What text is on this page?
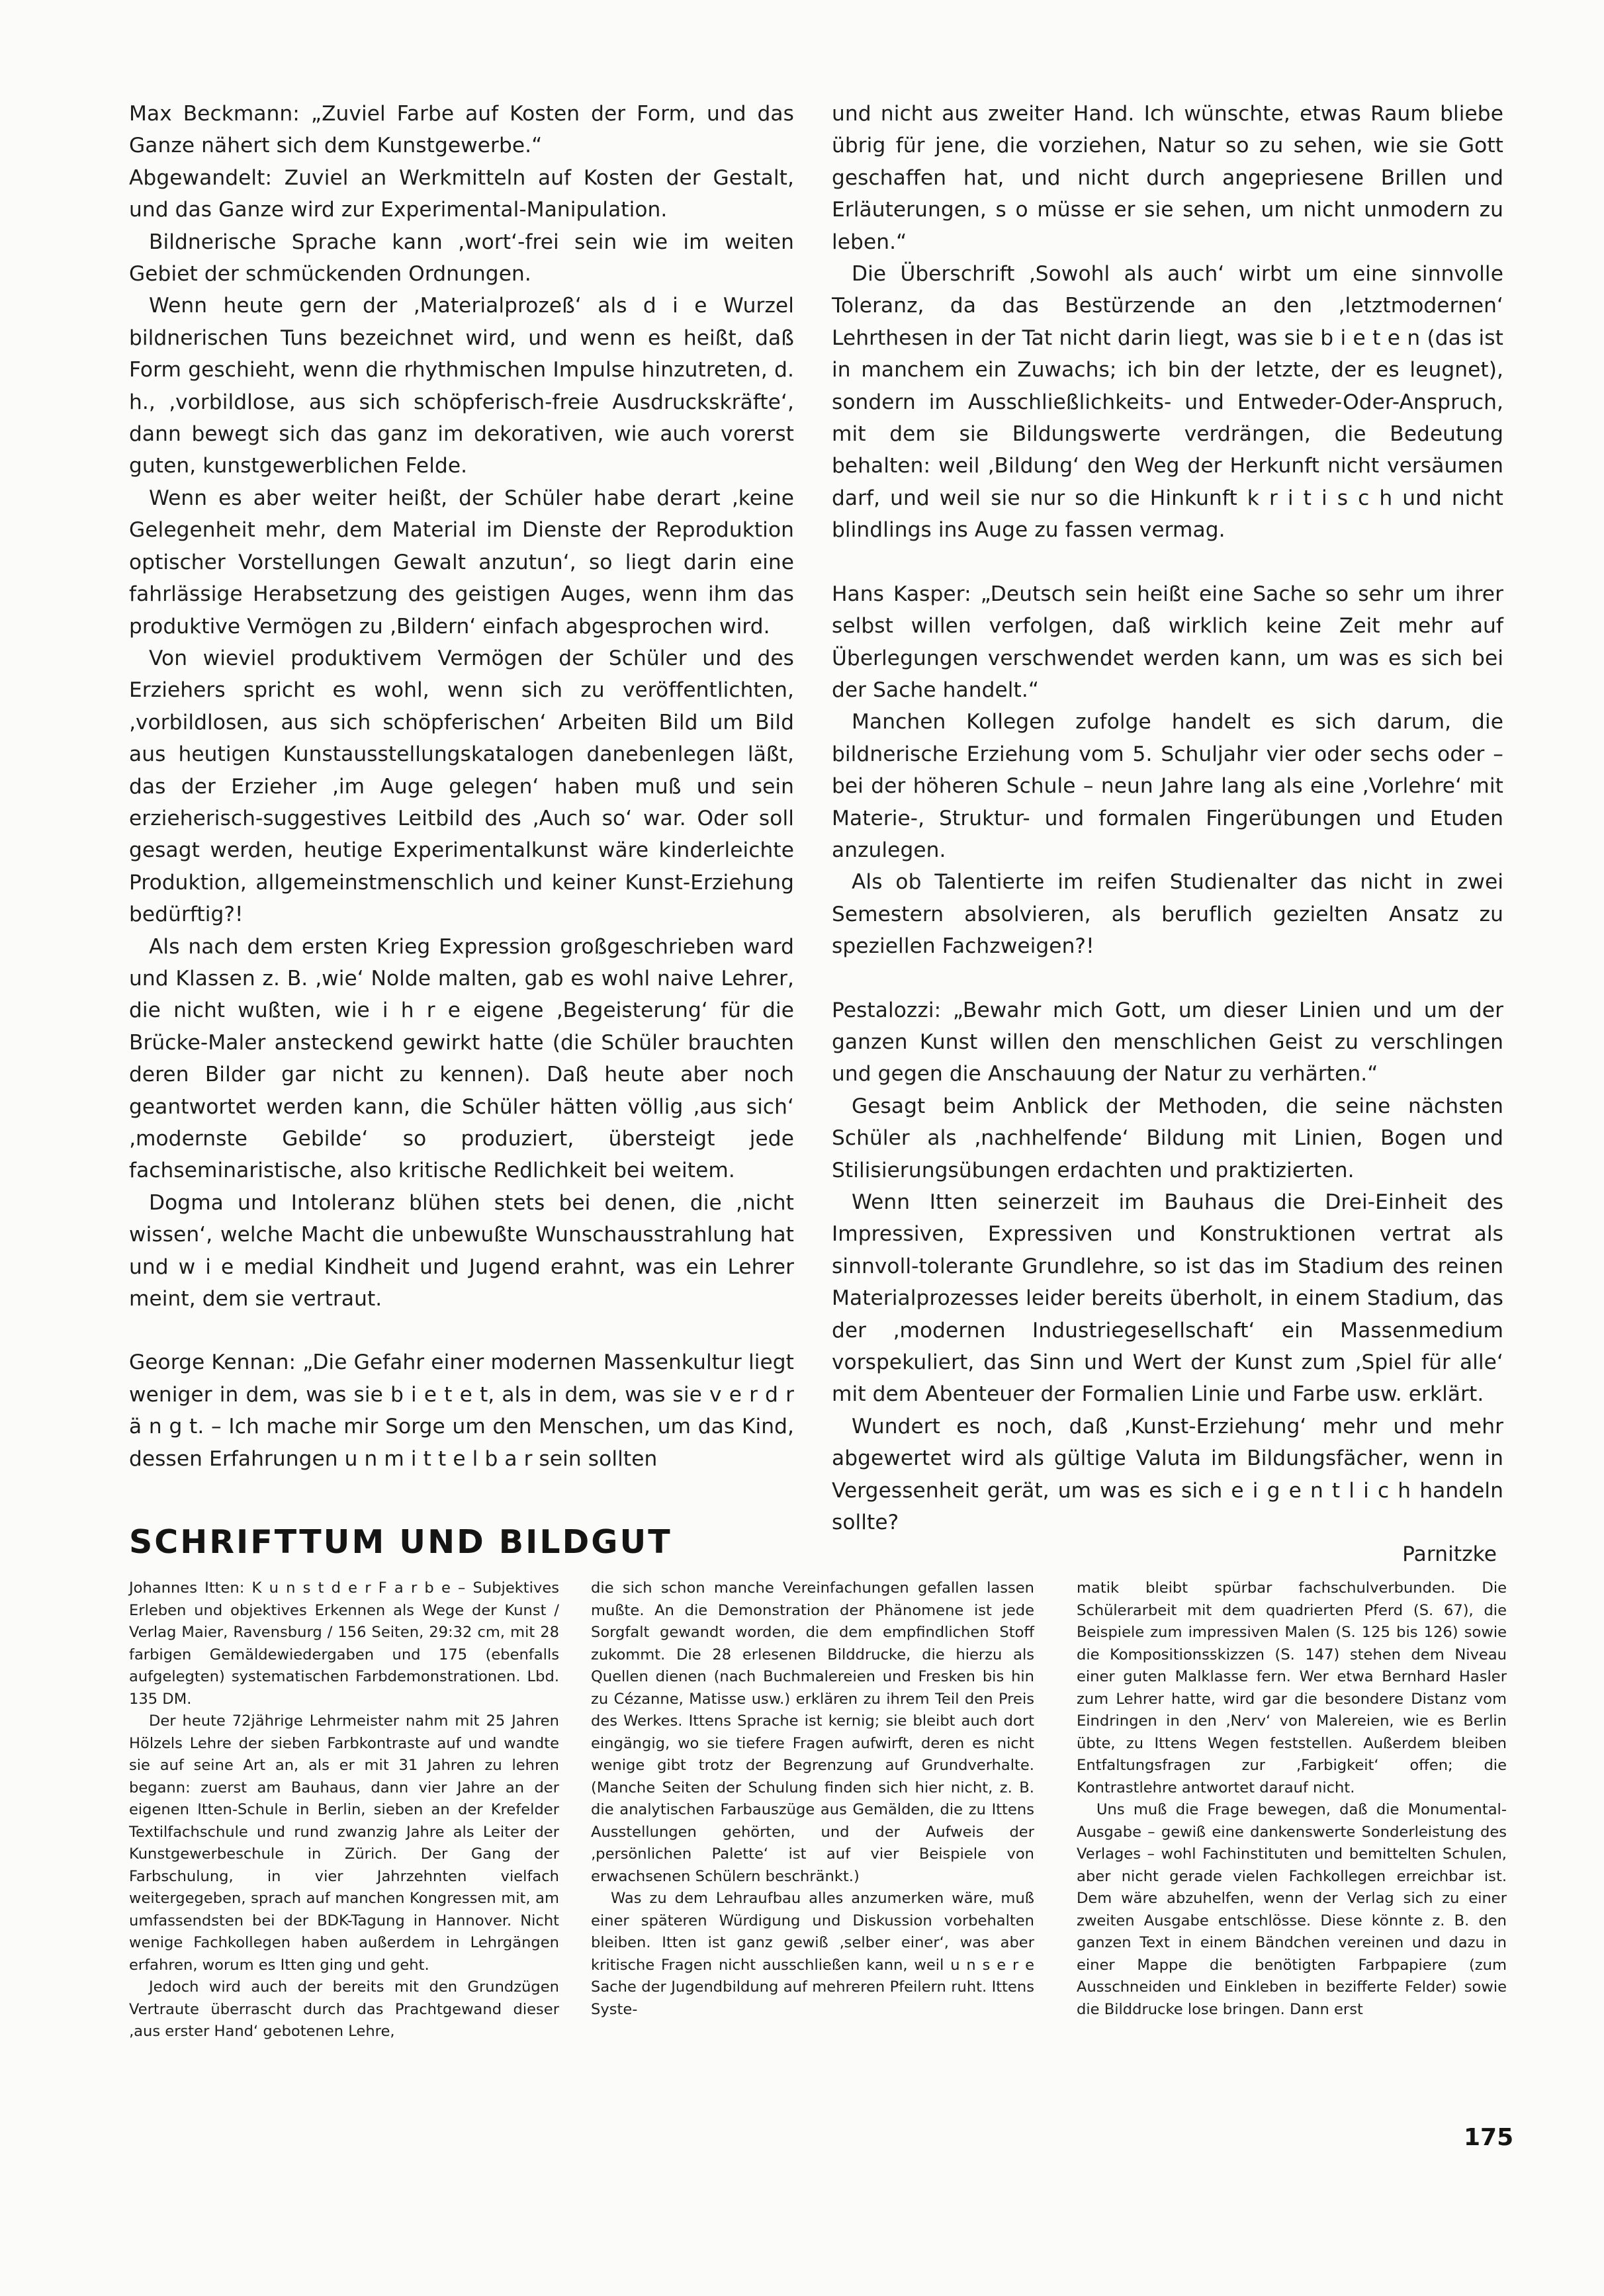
Max Beckmann: „Zuviel Farbe auf Kosten der Form, und das Ganze nähert sich dem Kunstgewerbe.“

Abgewandelt: Zuviel an Werkmitteln auf Kosten der Gestalt, und das Ganze wird zur Experimental-Manipulation.

Bildnerische Sprache kann ‚wort‘-frei sein wie im weiten Gebiet der schmückenden Ordnungen.

Wenn heute gern der ‚Materialprozeß‘ als d i e Wurzel bildnerischen Tuns bezeichnet wird, und wenn es heißt, daß Form geschieht, wenn die rhythmischen Impulse hinzutreten, d. h., ‚vorbildlose, aus sich schöpferisch-freie Ausdruckskräfte‘, dann bewegt sich das ganz im dekorativen, wie auch vorerst guten, kunstgewerblichen Felde.

Wenn es aber weiter heißt, der Schüler habe derart ‚keine Gelegenheit mehr, dem Material im Dienste der Reproduktion optischer Vorstellungen Gewalt anzutun‘, so liegt darin eine fahrlässige Herabsetzung des geistigen Auges, wenn ihm das produktive Vermögen zu ‚Bildern‘ einfach abgesprochen wird.

Von wieviel produktivem Vermögen der Schüler und des Erziehers spricht es wohl, wenn sich zu veröffentlichten, ‚vorbildlosen, aus sich schöpferischen‘ Arbeiten Bild um Bild aus heutigen Kunstausstellungskatalogen danebenlegen läßt, das der Erzieher ‚im Auge gelegen‘ haben muß und sein erzieherisch-suggestives Leitbild des ‚Auch so‘ war. Oder soll gesagt werden, heutige Experimentalkunst wäre kinderleichte Produktion, allgemeinstmenschlich und keiner Kunst-Erziehung bedürftig?!

Als nach dem ersten Krieg Expression großgeschrieben ward und Klassen z. B. ‚wie‘ Nolde malten, gab es wohl naive Lehrer, die nicht wußten, wie i h r e eigene ‚Begeisterung‘ für die Brücke-Maler ansteckend gewirkt hatte (die Schüler brauchten deren Bilder gar nicht zu kennen). Daß heute aber noch geantwortet werden kann, die Schüler hätten völlig ‚aus sich‘ ‚modernste Gebilde‘ so produziert, übersteigt jede fachseminaristische, also kritische Redlichkeit bei weitem.

Dogma und Intoleranz blühen stets bei denen, die ‚nicht wissen‘, welche Macht die unbewußte Wunschausstrahlung hat und w i e medial Kindheit und Jugend erahnt, was ein Lehrer meint, dem sie vertraut.

George Kennan: „Die Gefahr einer modernen Massenkultur liegt weniger in dem, was sie b i e t e t, als in dem, was sie v e r d r ä n g t. – Ich mache mir Sorge um den Menschen, um das Kind, dessen Erfahrungen u n m i t t e l b a r sein sollten

und nicht aus zweiter Hand. Ich wünschte, etwas Raum bliebe übrig für jene, die vorziehen, Natur so zu sehen, wie sie Gott geschaffen hat, und nicht durch angepriesene Brillen und Erläuterungen, s o müsse er sie sehen, um nicht unmodern zu leben.“

Die Überschrift ‚Sowohl als auch‘ wirbt um eine sinnvolle Toleranz, da das Bestürzende an den ‚letztmodernen‘ Lehrthesen in der Tat nicht darin liegt, was sie b i e t e n (das ist in manchem ein Zuwachs; ich bin der letzte, der es leugnet), sondern im Ausschließlichkeits- und Entweder-Oder-Anspruch, mit dem sie Bildungswerte verdrängen, die Bedeutung behalten: weil ‚Bildung‘ den Weg der Herkunft nicht versäumen darf, und weil sie nur so die Hinkunft k r i t i s c h und nicht blindlings ins Auge zu fassen vermag.

Hans Kasper: „Deutsch sein heißt eine Sache so sehr um ihrer selbst willen verfolgen, daß wirklich keine Zeit mehr auf Überlegungen verschwendet werden kann, um was es sich bei der Sache handelt.“

Manchen Kollegen zufolge handelt es sich darum, die bildnerische Erziehung vom 5. Schuljahr vier oder sechs oder – bei der höheren Schule – neun Jahre lang als eine ‚Vorlehre‘ mit Materie-, Struktur- und formalen Fingerübungen und Etuden anzulegen.

Als ob Talentierte im reifen Studienalter das nicht in zwei Semestern absolvieren, als beruflich gezielten Ansatz zu speziellen Fachzweigen?!

Pestalozzi: „Bewahr mich Gott, um dieser Linien und um der ganzen Kunst willen den menschlichen Geist zu verschlingen und gegen die Anschauung der Natur zu verhärten.“

Gesagt beim Anblick der Methoden, die seine nächsten Schüler als ‚nachhelfende‘ Bildung mit Linien, Bogen und Stilisierungsübungen erdachten und praktizierten.

Wenn Itten seinerzeit im Bauhaus die Drei-Einheit des Impressiven, Expressiven und Konstruktionen vertrat als sinnvoll-tolerante Grundlehre, so ist das im Stadium des reinen Materialprozesses leider bereits überholt, in einem Stadium, das der ‚modernen Industriegesellschaft‘ ein Massenmedium vorspekuliert, das Sinn und Wert der Kunst zum ‚Spiel für alle‘ mit dem Abenteuer der Formalien Linie und Farbe usw. erklärt.

Wundert es noch, daß ‚Kunst-Erziehung‘ mehr und mehr abgewertet wird als gültige Valuta im Bildungsfächer, wenn in Vergessenheit gerät, um was es sich e i g e n t l i c h handeln sollte?

Parnitzke

SCHRIFTTUM UND BILDGUT

Johannes Itten: K u n s t d e r F a r b e – Subjektives Erleben und objektives Erkennen als Wege der Kunst / Verlag Maier, Ravensburg / 156 Seiten, 29:32 cm, mit 28 farbigen Gemäldewiedergaben und 175 (ebenfalls aufgelegten) systematischen Farbdemonstrationen. Lbd. 135 DM.

Der heute 72jährige Lehrmeister nahm mit 25 Jahren Hölzels Lehre der sieben Farbkontraste auf und wandte sie auf seine Art an, als er mit 31 Jahren zu lehren begann: zuerst am Bauhaus, dann vier Jahre an der eigenen Itten-Schule in Berlin, sieben an der Krefelder Textilfachschule und rund zwanzig Jahre als Leiter der Kunstgewerbeschule in Zürich. Der Gang der Farbschulung, in vier Jahrzehnten vielfach weitergegeben, sprach auf manchen Kongressen mit, am umfassendsten bei der BDK-Tagung in Hannover. Nicht wenige Fachkollegen haben außerdem in Lehrgängen erfahren, worum es Itten ging und geht.

Jedoch wird auch der bereits mit den Grundzügen Vertraute überrascht durch das Prachtgewand dieser ‚aus erster Hand‘ gebotenen Lehre,

die sich schon manche Vereinfachungen gefallen lassen mußte. An die Demonstration der Phänomene ist jede Sorgfalt gewandt worden, die dem empfindlichen Stoff zukommt. Die 28 erlesenen Bilddrucke, die hierzu als Quellen dienen (nach Buchmalereien und Fresken bis hin zu Cézanne, Matisse usw.) erklären zu ihrem Teil den Preis des Werkes. Ittens Sprache ist kernig; sie bleibt auch dort eingängig, wo sie tiefere Fragen aufwirft, deren es nicht wenige gibt trotz der Begrenzung auf Grundverhalte. (Manche Seiten der Schulung finden sich hier nicht, z. B. die analytischen Farbauszüge aus Gemälden, die zu Ittens Ausstellungen gehörten, und der Aufweis der ‚persönlichen Palette‘ ist auf vier Beispiele von erwachsenen Schülern beschränkt.)

Was zu dem Lehraufbau alles anzumerken wäre, muß einer späteren Würdigung und Diskussion vorbehalten bleiben. Itten ist ganz gewiß ‚selber einer‘, was aber kritische Fragen nicht ausschließen kann, weil u n s e r e Sache der Jugendbildung auf mehreren Pfeilern ruht. Ittens Syste-

matik bleibt spürbar fachschulverbunden. Die Schülerarbeit mit dem quadrierten Pferd (S. 67), die Beispiele zum impressiven Malen (S. 125 bis 126) sowie die Kompositionsskizzen (S. 147) stehen dem Niveau einer guten Malklasse fern. Wer etwa Bernhard Hasler zum Lehrer hatte, wird gar die besondere Distanz vom Eindringen in den ‚Nerv‘ von Malereien, wie es Berlin übte, zu Ittens Wegen feststellen. Außerdem bleiben Entfaltungsfragen zur ‚Farbigkeit‘ offen; die Kontrastlehre antwortet darauf nicht.

Uns muß die Frage bewegen, daß die Monumental-Ausgabe – gewiß eine dankenswerte Sonderleistung des Verlages – wohl Fachinstituten und bemittelten Schulen, aber nicht gerade vielen Fachkollegen erreichbar ist. Dem wäre abzuhelfen, wenn der Verlag sich zu einer zweiten Ausgabe entschlösse. Diese könnte z. B. den ganzen Text in einem Bändchen vereinen und dazu in einer Mappe die benötigten Farbpapiere (zum Ausschneiden und Einkleben in bezifferte Felder) sowie die Bilddrucke lose bringen. Dann erst

175
